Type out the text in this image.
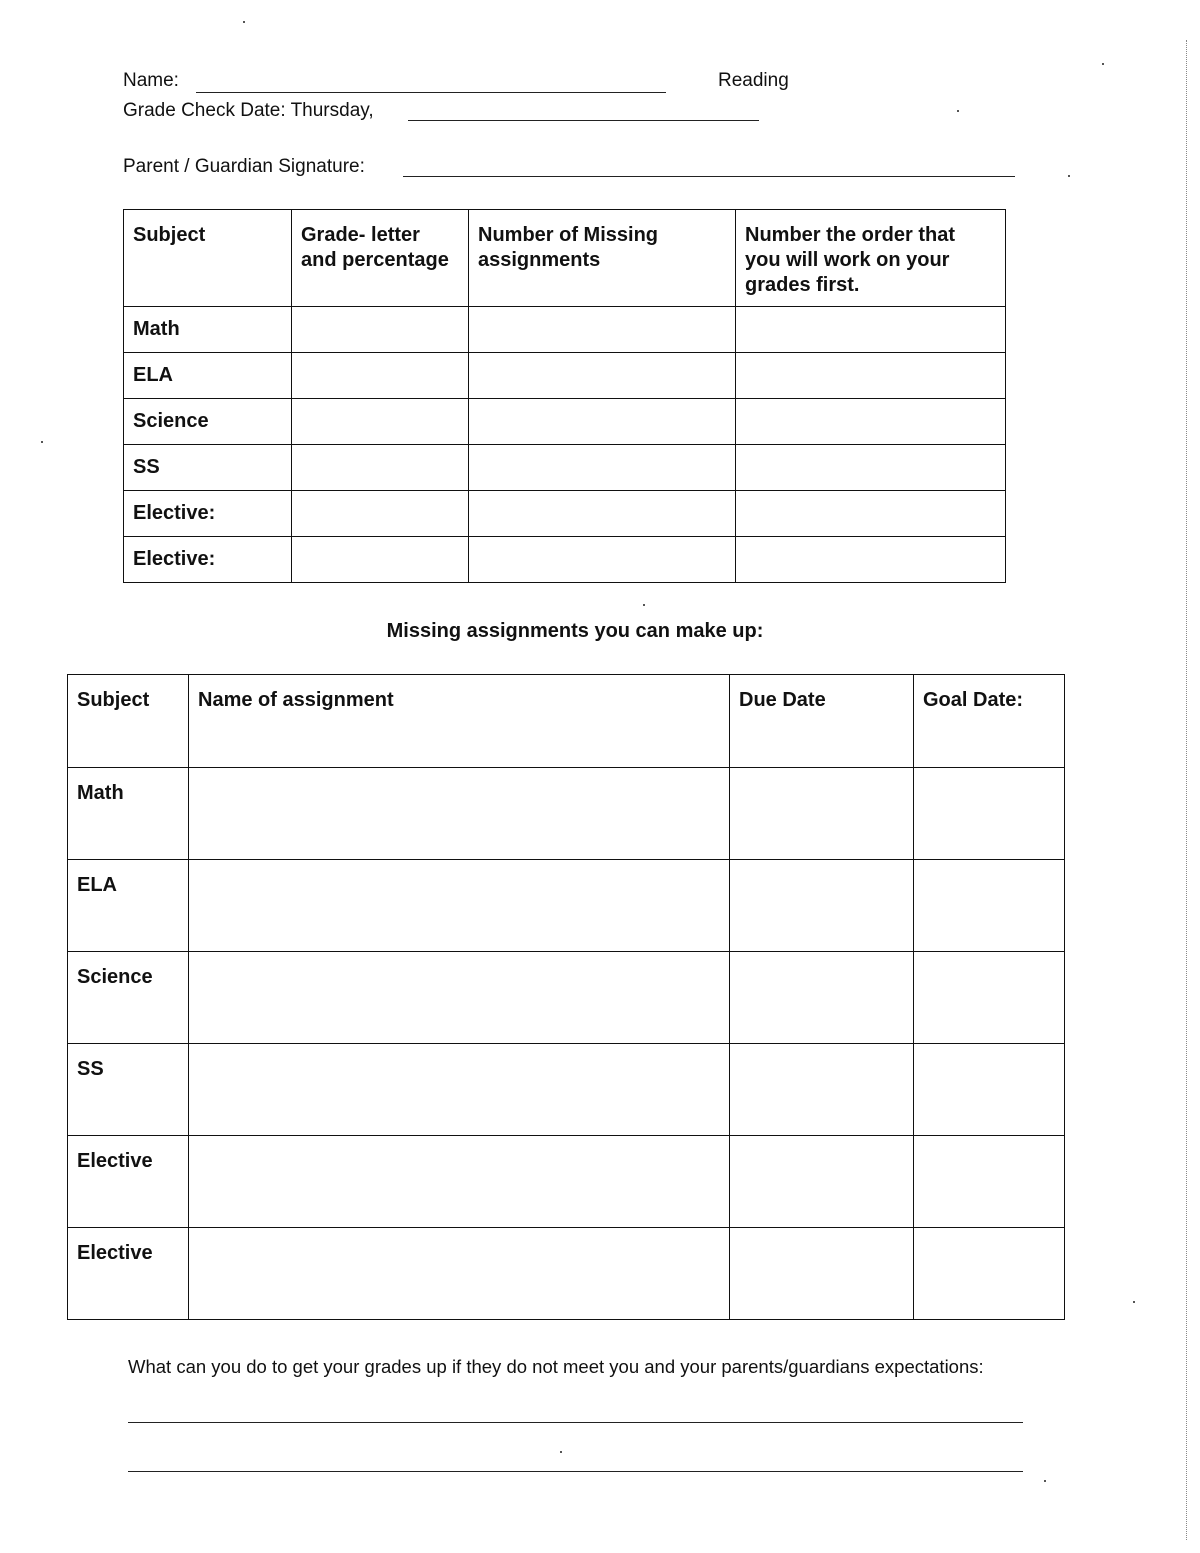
Name:	Reading
Grade Check Date: Thursday,
Parent / Guardian Signature:
Subject	Grade- letter and percentage	Number of Missing assignments	Number the order that you will work on your grades first.

Math			

ELA			

Science			

SS			

Elective:			

Elective:			

Missing assignments you can make up:
Subject	Name of assignment	Due Date	Goal Date:

Math			

ELA			

Science			

SS			

Elective			

Elective			

What can you do to get your grades up if they do not meet you and your parents/guardians expectations:
